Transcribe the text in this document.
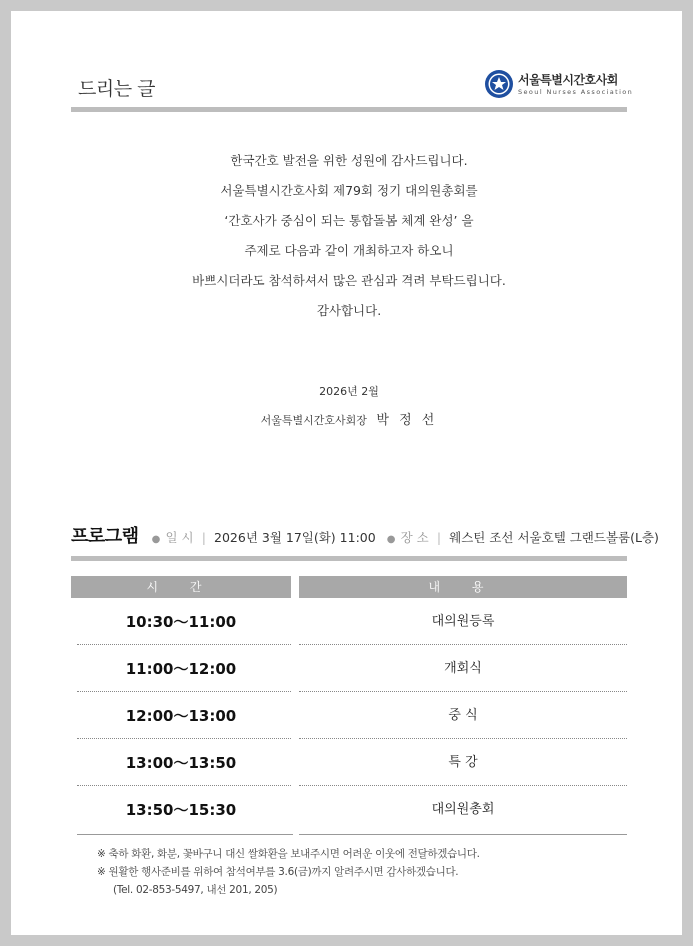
드리는 글	서울특별시간호사회
Seoul Nurses Association
한국간호 발전을 위한 성원에 감사드립니다.
서울특별시간호사회 제79회 정기 대의원총회를
‘간호사가 중심이 되는 통합돌봄 체계 완성’ 을
주제로 다음과 같이 개최하고자 하오니
바쁘시더라도 참석하셔서 많은 관심과 격려 부탁드립니다.
감사합니다.
2026년 2월
서울특별시간호사회장 박 정 선
프로그램 ● 일 시 | 2026년 3월 17일(화) 11:00 ● 장 소 | 웨스틴 조선 서울호텔 그랜드볼룸(L층)
시 간	내 용
10:30～11:00	대의원등록
11:00～12:00	개회식
12:00～13:00	중 식
13:00～13:50	특 강
13:50～15:30	대의원총회
※ 축하 화환, 화분, 꽃바구니 대신 쌀화환을 보내주시면 어려운 이웃에 전달하겠습니다.
※ 원활한 행사준비를 위하여 참석여부를 3.6(금)까지 알려주시면 감사하겠습니다.
(Tel. 02-853-5497, 내선 201, 205)
